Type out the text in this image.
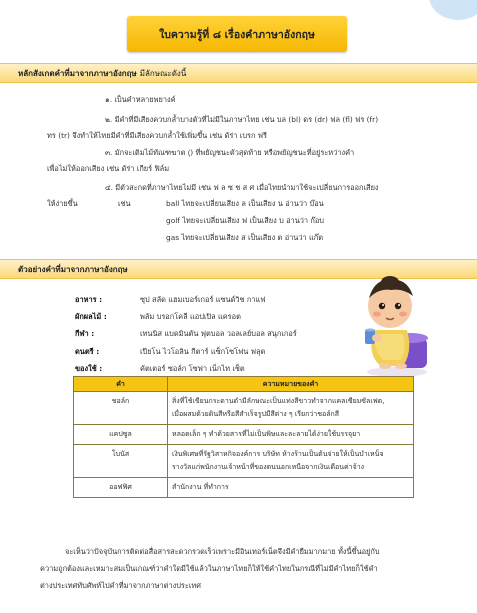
ใบความรู้ที่ ๘ เรื่องคำภาษาอังกฤษ
หลักสังเกตคำที่มาจากภาษาอังกฤษ มีลักษณะดังนี้
๑. เป็นคำหลายพยางค์
๒. มีคำที่มีเสียงควบกล้ำบางตัวที่ไม่มีในภาษาไทย เช่น บล (bl) ดร (dr) ฟล (fl) ฟร (fr)
ทร (tr) จึงทำให้ไทยมีคำที่มีเสียงควบกล้ำใช้เพิ่มขึ้น เช่น ดัร่า เบรก ฟรี
๓. มักจะเติมไม้ทัณฑฆาต (ฺ) ที่พยัญชนะตัวสุดท้าย หรือพยัญชนะที่อยู่ระหว่างคำ
เพื่อไม่ให้ออกเสียง เช่น ดัร่า เกียร์ ฟิล์ม
๔. มีตัวสะกดที่ภาษาไทยไม่มี เช่น ฟ ล ซ ช ส ศ เมื่อไทยนำมาใช้จะเปลี่ยนการออกเสียง
ให้ง่ายขึ้น	เช่น	ball ไทยจะเปลี่ยนเสียง ล เป็นเสียง น อ่านว่า บ๊อน
golf ไทยจะเปลี่ยนเสียง ฟ เป็นเสียง บ อ่านว่า ก๊อบ
gas ไทยจะเปลี่ยนเสียง ส เป็นเสียง ต อ่านว่า แก๊ต
ตัวอย่างคำที่มาจากภาษาอังกฤษ
อาหาร :	ซุป สลัด แฮมเบอร์เกอร์ แซนด์วิช กาแฟ
ผักผลไม้ :	พลัม บรอกโคลี แอปเปิล แครอต
กีฬา :	เทนนิส แบดมินตัน ฟุตบอล วอลเลย์บอล สนุกเกอร์
ดนตรี :	เปียโน ไวโอลิน กีตาร์ แซ็กโซโฟน ฟลุต
ของใช้ :	คัตเตอร์ ซอล์ก โซฟา เน็กไท เช็ต
คำ	ความหมายของคำ
ชอล์ก	สิ่งที่ใช้เขียนกระดานดำมีลักษณะเป็นแท่งสีขาวทำจากแคลเซียมซัลเฟต,
เมื่อผสมด้วยดินสีหรือสีสำเร็จรูปมีสีต่าง ๆ เรียกว่าชอล์กสี

แคปซูล	หลอดเล็ก ๆ ทำด้วยสารที่ไม่เป็นพิษและละลายได้ง่ายใช้บรรจุยา

โบนัส	เงินพิเศษที่รัฐวิสาหกิจองค์การ บริษัท ห้างร้านเป็นต้นจ่ายให้เป็นบำเหน็จ
รางวัลแก่พนักงานเจ้าหน้าที่ของตนนอกเหนือจากเงินเดือนค่าจ้าง

ออฟฟิศ	สำนักงาน ที่ทำการ
จะเห็นว่าปัจจุบันการติดต่อสื่อสารสะดวกรวดเร็วเพราะมีอินเทอร์เน็ตจึงมีคำยืมมากมาย ทั้งนี้ขึ้นอยู่กับ
ความถูกต้องและเหมาะสมเป็นเกณฑ์ว่าคำใดมีใช้แล้วในภาษาไทยก็ให้ใช้คำไทยในกรณีที่ไม่มีคำไทยก็ใช้คำ
ต่างประเทศทับศัพท์ไปคำที่มาจากภาษาต่างประเทศ
